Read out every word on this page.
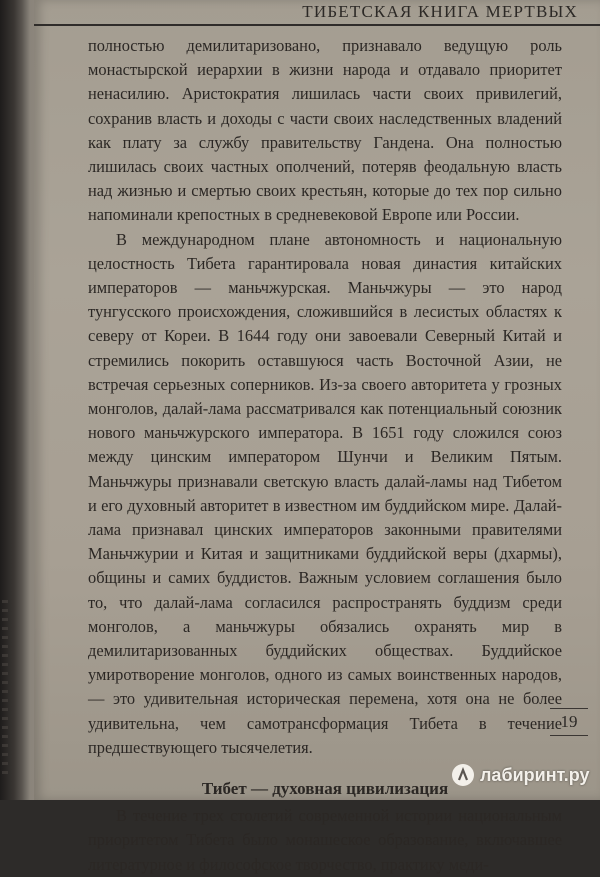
ТИБЕТСКАЯ КНИГА МЕРТВЫХ

полностью демилитаризовано, признавало ведущую роль монастырской иерархии в жизни народа и отдавало приоритет ненасилию. Аристократия лишилась части своих привилегий, сохранив власть и доходы с части своих наследственных владений как плату за службу правительству Гандена. Она полностью лишилась своих частных ополчений, потеряв феодальную власть над жизнью и смертью своих крестьян, которые до тех пор сильно напоминали крепостных в средневековой Европе или России.

В международном плане автономность и национальную целостность Тибета гарантировала новая династия китайских императоров — маньчжурская. Маньчжуры — это народ тунгусского происхождения, сложившийся в лесистых областях к северу от Кореи. В 1644 году они завоевали Северный Китай и стремились покорить оставшуюся часть Восточной Азии, не встречая серьезных соперников. Из-за своего авторитета у грозных монголов, далай-лама рассматривался как потенциальный союзник нового маньчжурского императора. В 1651 году сложился союз между цинским императором Шунчи и Великим Пятым. Маньчжуры признавали светскую власть далай-ламы над Тибетом и его духовный авторитет в известном им буддийском мире. Далай-лама признавал цинских императоров законными правителями Маньчжурии и Китая и защитниками буддийской веры (дхармы), общины и самих буддистов. Важным условием соглашения было то, что далай-лама согласился распространять буддизм среди монголов, а маньчжуры обязались охранять мир в демилитаризованных буддийских обществах. Буддийское умиротворение монголов, одного из самых воинственных народов, — это удивительная историческая перемена, хотя она не более удивительна, чем самотрансформация Тибета в течение предшествующего тысячелетия.

Тибет — духовная цивилизация

В течение трех столетий современной истории национальным приоритетом Тибета было монашеское образование, включавшее литературное и философское творчество, практику меди-

19
лабиринт.ру
